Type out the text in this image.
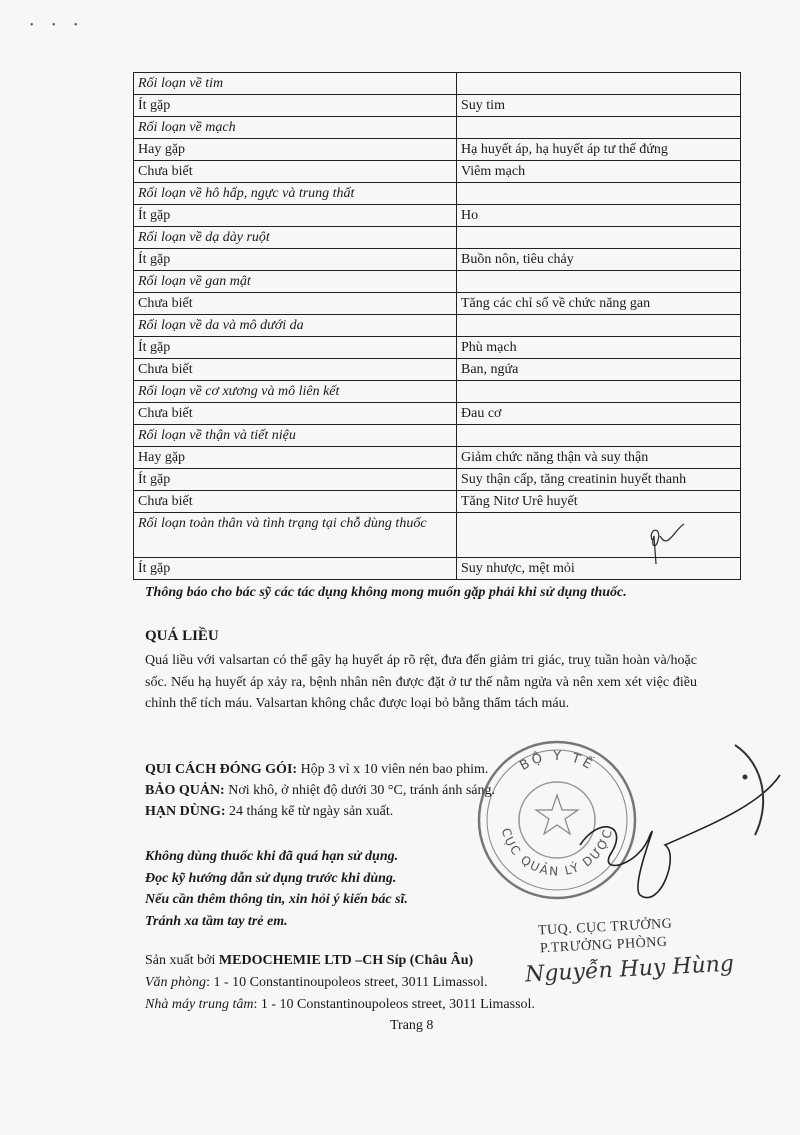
• • •
Rối loạn về tim	
Ít gặp	Suy tim
Rối loạn về mạch	
Hay gặp	Hạ huyết áp, hạ huyết áp tư thế đứng
Chưa biết	Viêm mạch
Rối loạn về hô hấp, ngực và trung thất	
Ít gặp	Ho
Rối loạn về dạ dày ruột	
Ít gặp	Buồn nôn, tiêu chảy
Rối loạn về gan mật	
Chưa biết	Tăng các chỉ số về chức năng gan
Rối loạn về da và mô dưới da	
Ít gặp	Phù mạch
Chưa biết	Ban, ngứa
Rối loạn về cơ xương và mô liên kết	
Chưa biết	Đau cơ
Rối loạn về thận và tiết niệu	
Hay gặp	Giảm chức năng thận và suy thận
Ít gặp	Suy thận cấp, tăng creatinin huyết thanh
Chưa biết	Tăng Nitơ Urê huyết
Rối loạn toàn thân và tình trạng tại chỗ dùng thuốc	
Ít gặp	Suy nhược, mệt mỏi
Thông báo cho bác sỹ các tác dụng không mong muốn gặp phải khi sử dụng thuốc.
QUÁ LIỀU
Quá liều với valsartan có thể gây hạ huyết áp rõ rệt, đưa đến giảm tri giác, truỵ tuần hoàn và/hoặc sốc. Nếu hạ huyết áp xảy ra, bệnh nhân nên được đặt ở tư thế nằm ngửa và nên xem xét việc điều chỉnh thể tích máu. Valsartan không chắc được loại bỏ bằng thẩm tách máu.
QUI CÁCH ĐÓNG GÓI: Hộp 3 vỉ x 10 viên nén bao phim.
BẢO QUẢN: Nơi khô, ở nhiệt độ dưới 30 °C, tránh ánh sáng.
HẠN DÙNG: 24 tháng kể từ ngày sản xuất.
Không dùng thuốc khi đã quá hạn sử dụng.
Đọc kỹ hướng dẫn sử dụng trước khi dùng.
Nếu cần thêm thông tin, xin hỏi ý kiến bác sĩ.
Tránh xa tầm tay trẻ em.
Sản xuất bởi MEDOCHEMIE LTD –CH Síp (Châu Âu)
Văn phòng: 1 - 10 Constantinoupoleos street, 3011 Limassol.
Nhà máy trung tâm: 1 - 10 Constantinoupoleos street, 3011 Limassol.
Trang 8
BỘ Y TẾ
CỤC QUẢN LÝ DƯỢC
TUQ. CỤC TRƯỞNG
P.TRƯỞNG PHÒNG
Nguyễn Huy Hùng
